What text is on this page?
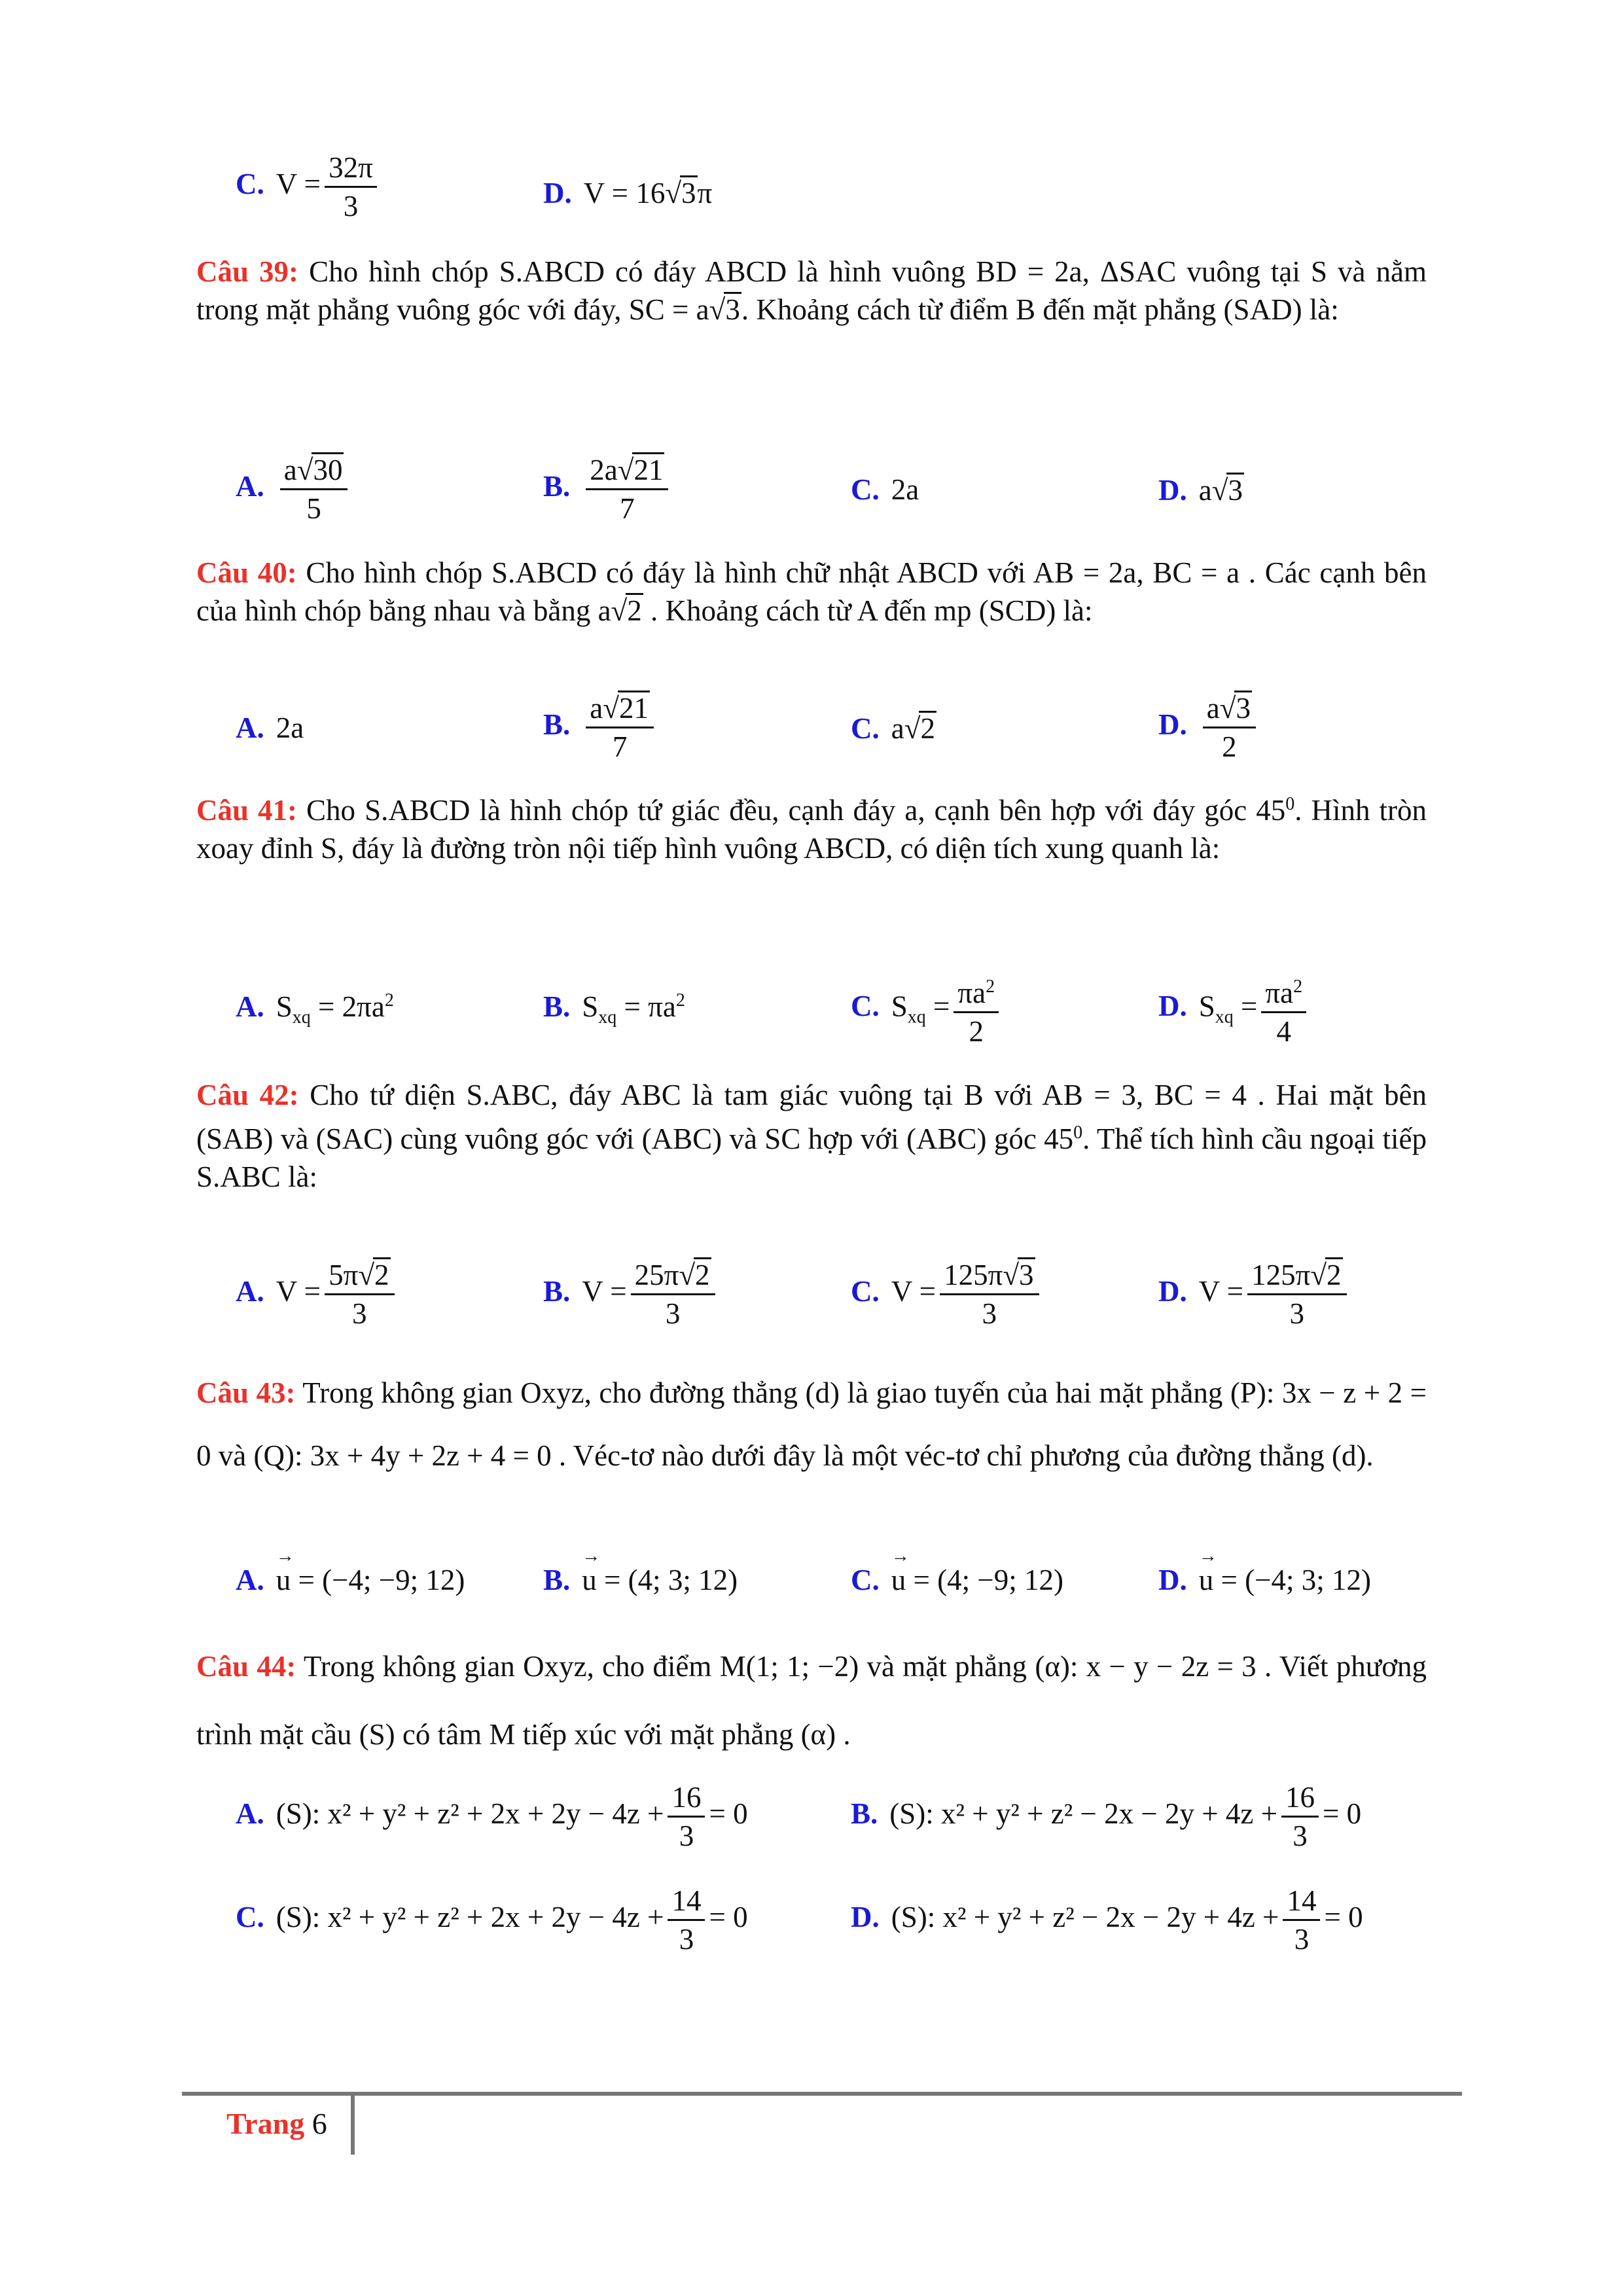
C. $V = \frac{32\pi}{3}$	D. V = 16√3π
Câu 39: Cho hình chóp S.ABCD có đáy ABCD là hình vuông BD = 2a, ΔSAC vuông tại S và nằm trong mặt phẳng vuông góc với đáy, SC = a√3. Khoảng cách từ điểm B đến mặt phẳng (SAD) là:
A. $\frac{a√30}{5}$	B. $\frac{2a√21}{7}$	C. 2a	D. a√3
Câu 40: Cho hình chóp S.ABCD có đáy là hình chữ nhật ABCD với AB = 2a, BC = a . Các cạnh bên của hình chóp bằng nhau và bằng a√2 . Khoảng cách từ A đến mp (SCD) là:
A. 2a	B. $\frac{a√21}{7}$	C. a√2	D. $\frac{a√3}{2}$
Câu 41: Cho S.ABCD là hình chóp tứ giác đều, cạnh đáy a, cạnh bên hợp với đáy góc $45^0$. Hình tròn xoay đỉnh S, đáy là đường tròn nội tiếp hình vuông ABCD, có diện tích xung quanh là:
A. $S_{xq} = 2\pi a^2$	B. $S_{xq} = \pi a^2$	C. $S_{xq} = \frac{\pi a^2}{2}$	D. $S_{xq} = \frac{\pi a^2}{4}$
Câu 42: Cho tứ diện S.ABC, đáy ABC là tam giác vuông tại B với AB = 3, BC = 4 . Hai mặt bên (SAB) và (SAC) cùng vuông góc với (ABC) và SC hợp với (ABC) góc $45^0$. Thể tích hình cầu ngoại tiếp S.ABC là:
A. $V = \frac{5\pi√2}{3}$	B. $V = \frac{25\pi√2}{3}$	C. $V = \frac{125\pi√3}{3}$	D. $V = \frac{125\pi√2}{3}$
Câu 43: Trong không gian Oxyz, cho đường thẳng (d) là giao tuyến của hai mặt phẳng (P): 3x − z + 2 = 0 và (Q): 3x + 4y + 2z + 4 = 0 . Véc-tơ nào dưới đây là một véc-tơ chỉ phương của đường thẳng (d).
A. → u = (−4; −9; 12)	B. → u = (4; 3; 12)	C. → u = (4; −9; 12)	D. → u = (−4; 3; 12)
Câu 44: Trong không gian Oxyz, cho điểm M(1; 1; −2) và mặt phẳng (α): x − y − 2z = 3 . Viết phương trình mặt cầu (S) có tâm M tiếp xúc với mặt phẳng (α) .
A. (S): $x^2 + y^2 + z^2 + 2x + 2y - 4z + \frac{16}{3} = 0$	B. (S): $x^2 + y^2 + z^2 - 2x - 2y + 4z + \frac{16}{3} = 0$
C. (S): $x^2 + y^2 + z^2 + 2x + 2y - 4z + \frac{14}{3} = 0$	D. (S): $x^2 + y^2 + z^2 - 2x - 2y + 4z + \frac{14}{3} = 0$
Trang 6
